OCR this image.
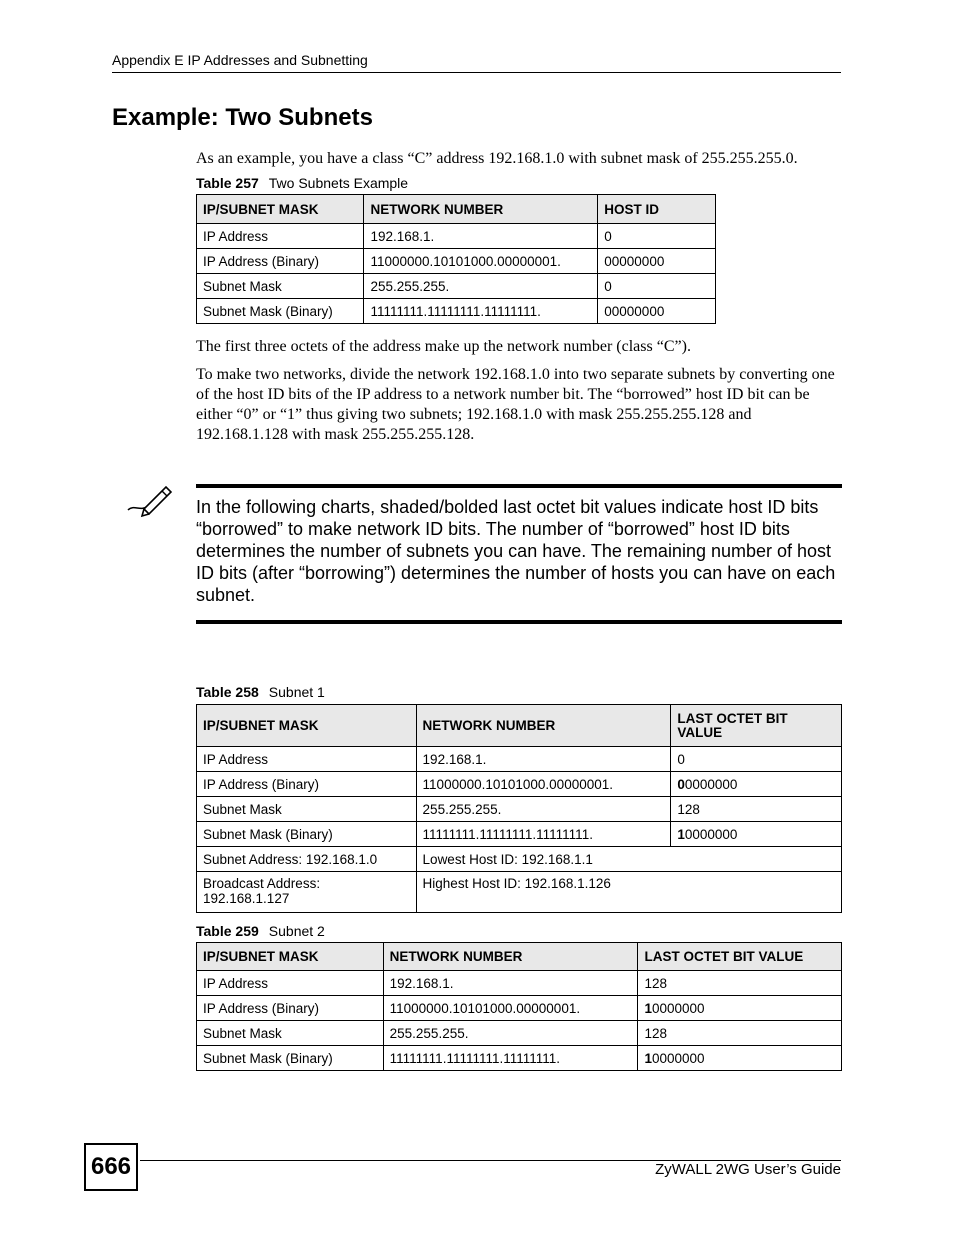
Appendix E IP Addresses and Subnetting
Example: Two Subnets

As an example, you have a class “C” address 192.168.1.0 with subnet mask of 255.255.255.0.

Table 257 Two Subnets Example
IP/SUBNET MASK	NETWORK NUMBER	HOST ID
IP Address	192.168.1.	0
IP Address (Binary)	11000000.10101000.00000001.	00000000
Subnet Mask	255.255.255.	0
Subnet Mask (Binary)	11111111.11111111.11111111.	00000000

The first three octets of the address make up the network number (class “C”).

To make two networks, divide the network 192.168.1.0 into two separate subnets by converting one of the host ID bits of the IP address to a network number bit. The “borrowed” host ID bit can be either “0” or “1” thus giving two subnets; 192.168.1.0 with mask 255.255.255.128 and 192.168.1.128 with mask 255.255.255.128.

In the following charts, shaded/bolded last octet bit values indicate host ID bits “borrowed” to make network ID bits. The number of “borrowed” host ID bits determines the number of subnets you can have. The remaining number of host ID bits (after “borrowing”) determines the number of hosts you can have on each subnet.

Table 258 Subnet 1
IP/SUBNET MASK	NETWORK NUMBER	LAST OCTET BIT VALUE
IP Address	192.168.1.	0
IP Address (Binary)	11000000.10101000.00000001.	00000000
Subnet Mask	255.255.255.	128
Subnet Mask (Binary)	11111111.11111111.11111111.	10000000
Subnet Address: 192.168.1.0	Lowest Host ID: 192.168.1.1	
Broadcast Address: 192.168.1.127	Highest Host ID: 192.168.1.126	
Table 259 Subnet 2
IP/SUBNET MASK	NETWORK NUMBER	LAST OCTET BIT VALUE
IP Address	192.168.1.	128
IP Address (Binary)	11000000.10101000.00000001.	10000000
Subnet Mask	255.255.255.	128
Subnet Mask (Binary)	11111111.11111111.11111111.	10000000
666	ZyWALL 2WG User’s Guide
